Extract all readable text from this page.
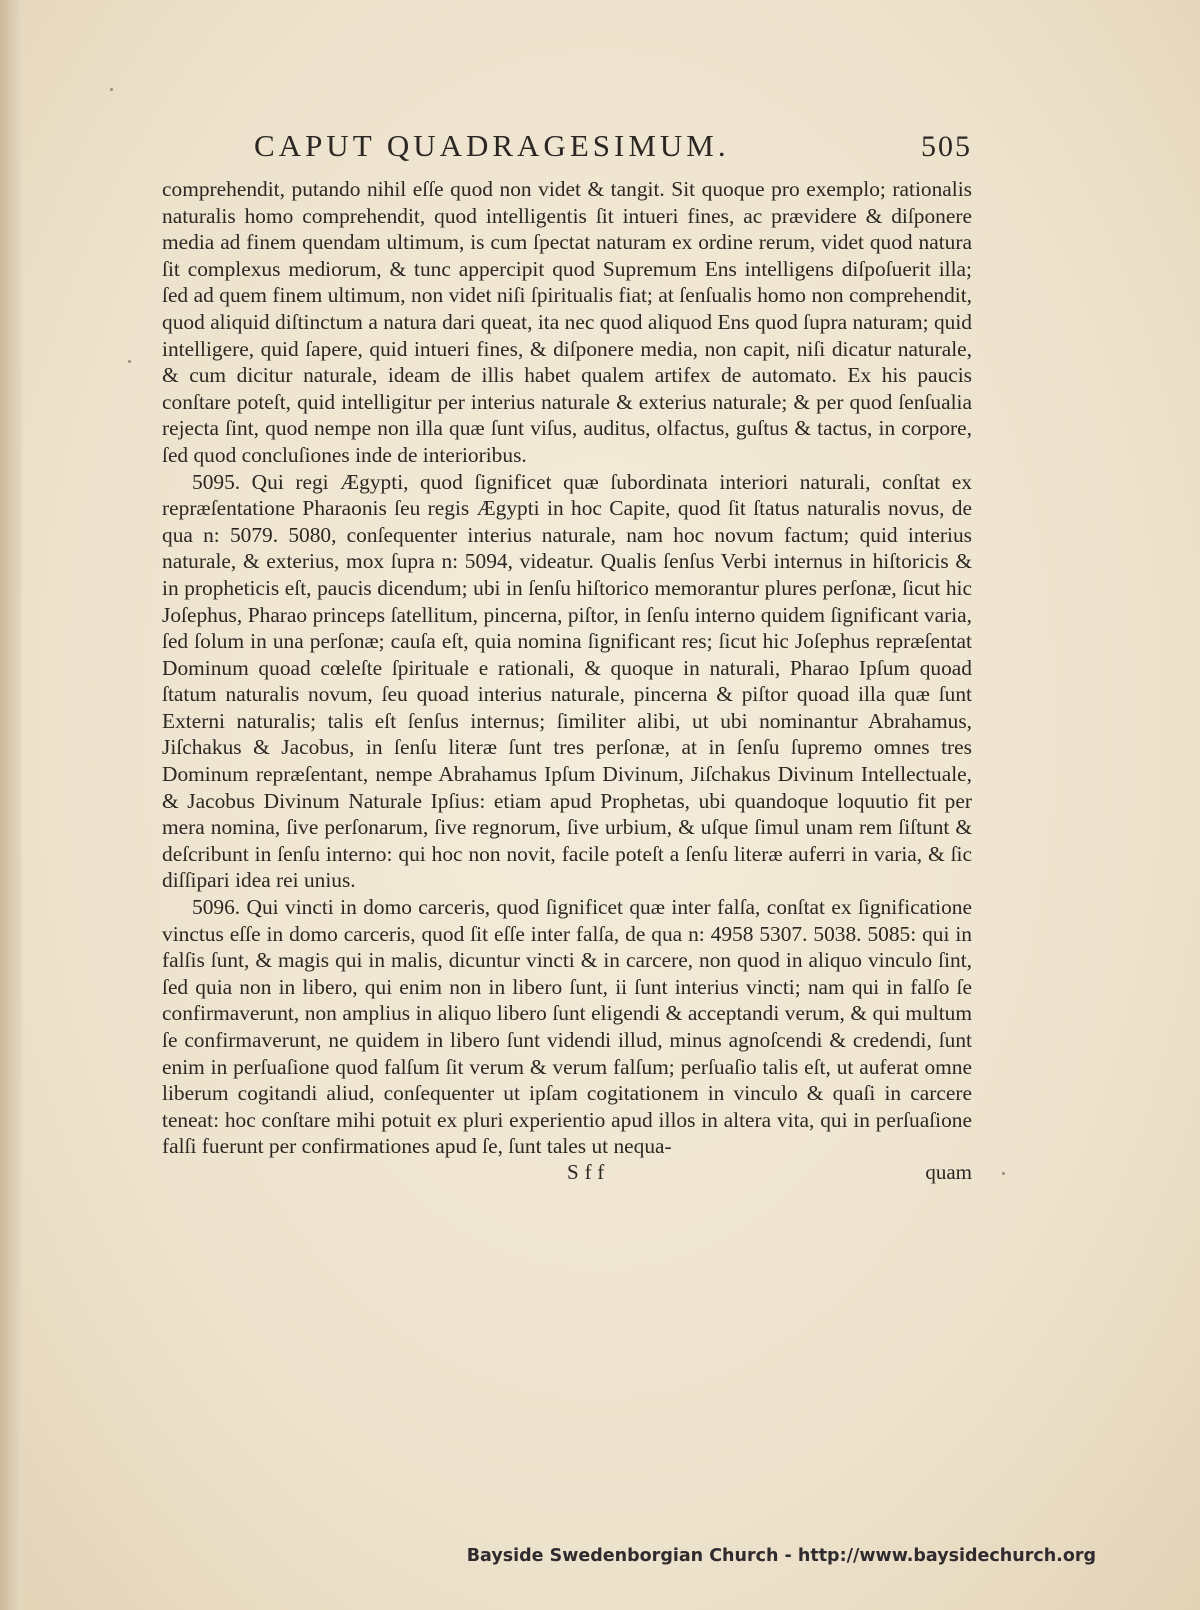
CAPUT QUADRAGESIMUM.	505

comprehendit, putando nihil eſſe quod non videt & tangit. Sit quoque pro exemplo; rationalis naturalis homo comprehendit, quod intelligentis ſit intueri fines, ac prævidere & diſponere media ad finem quendam ultimum, is cum ſpectat naturam ex ordine rerum, videt quod natura ſit complexus mediorum, & tunc appercipit quod Supremum Ens intelligens diſpoſuerit illa; ſed ad quem finem ultimum, non videt niſi ſpiritualis fiat; at ſenſualis homo non comprehendit, quod aliquid diſtinctum a natura dari queat, ita nec quod aliquod Ens quod ſupra naturam; quid intelligere, quid ſapere, quid intueri fines, & diſponere media, non capit, niſi dicatur naturale, & cum dicitur naturale, ideam de illis habet qualem artifex de automato. Ex his paucis conſtare poteſt, quid intelligitur per interius naturale & exterius naturale; & per quod ſenſualia rejecta ſint, quod nempe non illa quæ ſunt viſus, auditus, olfactus, guſtus & tactus, in corpore, ſed quod concluſiones inde de interioribus.

5095. Qui regi Ægypti, quod ſignificet quæ ſubordinata interiori naturali, conſtat ex repræſentatione Pharaonis ſeu regis Ægypti in hoc Capite, quod ſit ſtatus naturalis novus, de qua n: 5079. 5080, conſequenter interius naturale, nam hoc novum factum; quid interius naturale, & exterius, mox ſupra n: 5094, videatur. Qualis ſenſus Verbi internus in hiſtoricis & in propheticis eſt, paucis dicendum; ubi in ſenſu hiſtorico memorantur plures perſonæ, ſicut hic Joſephus, Pharao princeps ſatellitum, pincerna, piſtor, in ſenſu interno quidem ſignificant varia, ſed ſolum in una perſonæ; cauſa eſt, quia nomina ſignificant res; ſicut hic Joſephus repræſentat Dominum quoad cœleſte ſpirituale e rationali, & quoque in naturali, Pharao Ipſum quoad ſtatum naturalis novum, ſeu quoad interius naturale, pincerna & piſtor quoad illa quæ ſunt Externi naturalis; talis eſt ſenſus internus; ſimiliter alibi, ut ubi nominantur Abrahamus, Jiſchakus & Jacobus, in ſenſu literæ ſunt tres perſonæ, at in ſenſu ſupremo omnes tres Dominum repræſentant, nempe Abrahamus Ipſum Divinum, Jiſchakus Divinum Intellectuale, & Jacobus Divinum Naturale Ipſius: etiam apud Prophetas, ubi quandoque loquutio fit per mera nomina, ſive perſonarum, ſive regnorum, ſive urbium, & uſque ſimul unam rem ſiſtunt & deſcribunt in ſenſu interno: qui hoc non novit, facile poteſt a ſenſu literæ auferri in varia, & ſic diſſipari idea rei unius.

5096. Qui vincti in domo carceris, quod ſignificet quæ inter falſa, conſtat ex ſignificatione vinctus eſſe in domo carceris, quod ſit eſſe inter falſa, de qua n: 4958 5307. 5038. 5085: qui in falſis ſunt, & magis qui in malis, dicuntur vincti & in carcere, non quod in aliquo vinculo ſint, ſed quia non in libero, qui enim non in libero ſunt, ii ſunt interius vincti; nam qui in falſo ſe confirmaverunt, non amplius in aliquo libero ſunt eligendi & acceptandi verum, & qui multum ſe confirmaverunt, ne quidem in libero ſunt videndi illud, minus agnoſcendi & credendi, ſunt enim in perſuaſione quod falſum ſit verum & verum falſum; perſuaſio talis eſt, ut auferat omne liberum cogitandi aliud, conſequenter ut ipſam cogitationem in vinculo & quaſi in carcere teneat: hoc conſtare mihi potuit ex pluri experientio apud illos in altera vita, qui in perſuaſione falſi fuerunt per confirmationes apud ſe, ſunt tales ut nequa-

Sff	quam
Bayside Swedenborgian Church - http://www.baysidechurch.org
